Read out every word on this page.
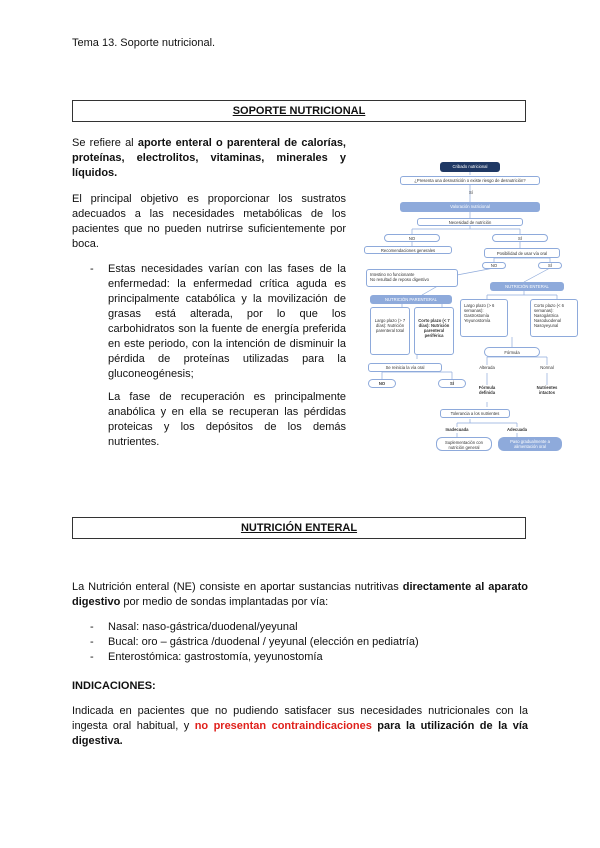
Tema 13. Soporte nutricional.
SOPORTE NUTRICIONAL
Se refiere al aporte enteral o parenteral de calorías, proteínas, electrolitos, vitaminas, minerales y líquidos.
El principal objetivo es proporcionar los sustratos adecuados a las necesidades metabólicas de los pacientes que no pueden nutrirse suficientemente por boca.
- Estas necesidades varían con las fases de la enfermedad: la enfermedad crítica aguda es principalmente catabólica y la movilización de grasas está alterada, por lo que los carbohidratos son la fuente de energía preferida en este periodo, con la intención de disminuir la pérdida de proteínas utilizadas para la gluconeogénesis;
La fase de recuperación es principalmente anabólica y en ella se recuperan las pérdidas proteicas y los depósitos de los demás nutrientes.
Cribado nutricional
¿Presenta una desnutrición o existe riesgo de desnutrición?
Sí
Valoración nutricional
Necesidad de nutrición
NO	SÍ
Recomendaciones generales
Posibilidad de usar vía oral
NO	SÍ
Intestino no funcionante
No resultad de reposo digestivo
NUTRICIÓN PARENTERAL
NUTRICIÓN ENTERAL
Largo plazo (> 7 días): Nutrición parenteral total
Corto plazo (< 7 días): Nutrición parenteral periférica
Largo plazo (> 6 semanas):
Gastrostomía
Yeyunostomía
Corto plazo (< 6 semanas):
Nasogástrica
Nasoduodenal
Nasoyeyunal
Se reinicia la vía oral
NO	SÍ
Fórmula
Alterada	Normal
Fórmula definida
Nutrientes intactos
Tolerancia a los nutrientes
Inadecuada	Adecuada
Suplementación con nutrición general
Paso gradualmente a alimentación oral
NUTRICIÓN ENTERAL
La Nutrición enteral (NE) consiste en aportar sustancias nutritivas directamente al aparato digestivo por medio de sondas implantadas por vía:
- Nasal: naso-gástrica/duodenal/yeyunal
- Bucal: oro – gástrica /duodenal / yeyunal (elección en pediatría)
- Enterostómica: gastrostomía, yeyunostomía
INDICACIONES:
Indicada en pacientes que no pudiendo satisfacer sus necesidades nutricionales con la ingesta oral habitual, y no presentan contraindicaciones para la utilización de la vía digestiva.
